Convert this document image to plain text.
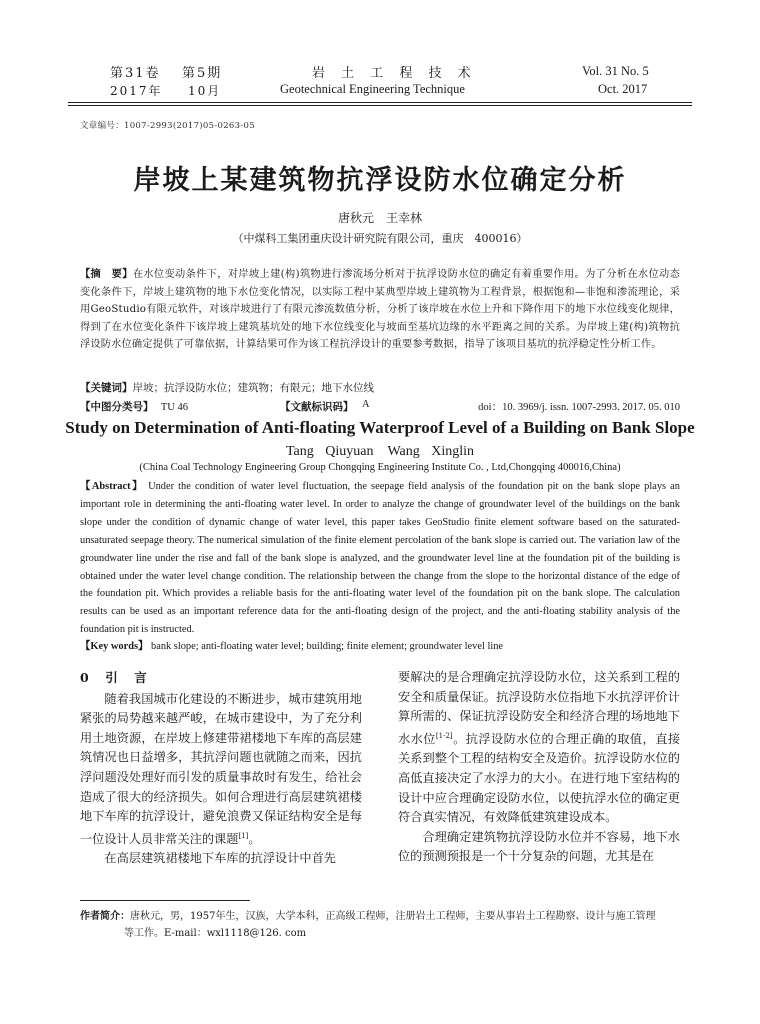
第31卷 第5期
2017年 10月
岩 土 工 程 技 术
Geotechnical Engineering Technique
Vol. 31 No. 5
Oct. 2017
文章编号：1007-2993(2017)05-0263-05
岸坡上某建筑物抗浮设防水位确定分析
唐秋元　王幸林
（中煤科工集团重庆设计研究院有限公司，重庆　400016）
【摘　要】在水位变动条件下，对岸坡上建(构)筑物进行渗流场分析对于抗浮设防水位的确定有着重要作用。为了分析在水位动态变化条件下，岸坡上建筑物的地下水位变化情况，以实际工程中某典型岸坡上建筑物为工程背景，根据饱和—非饱和渗流理论，采用GeoStudio有限元软件，对该岸坡进行了有限元渗流数值分析，分析了该岸坡在水位上升和下降作用下的地下水位线变化规律，得到了在水位变化条件下该岸坡上建筑基坑处的地下水位线变化与坡面至基坑边缘的水平距离之间的关系。为岸坡上建(构)筑物抗浮设防水位确定提供了可靠依据，计算结果可作为该工程抗浮设计的重要参考数据，指导了该项目基坑的抗浮稳定性分析工作。
【关键词】岸坡；抗浮设防水位；建筑物；有限元；地下水位线
【中图分类号】 TU 46	【文献标识码】 A	doi：10. 3969/j. issn. 1007-2993. 2017. 05. 010
Study on Determination of Anti-floating Waterproof Level of a Building on Bank Slope
Tang Qiuyuan　Wang Xinglin
(China Coal Technology Engineering Group Chongqing Engineering Institute Co. , Ltd,Chongqing 400016,China)
【Abstract】 Under the condition of water level fluctuation, the seepage field analysis of the foundation pit on the bank slope plays an important role in determining the anti-floating water level. In order to analyze the change of groundwater level of the buildings on the bank slope under the condition of dynamic change of water level, this paper takes GeoStudio finite element software based on the saturated-unsaturated seepage theory. The numerical simulation of the finite element percolation of the bank slope is carried out. The variation law of the groundwater line under the rise and fall of the bank slope is analyzed, and the groundwater level line at the foundation pit of the building is obtained under the water level change condition. The relationship between the change from the slope to the horizontal distance of the edge of the foundation pit. Which provides a reliable basis for the anti-floating water level of the foundation pit on the bank slope. The calculation results can be used as an important reference data for the anti-floating design of the project, and the anti-floating stability analysis of the foundation pit is instructed.
【Key words】 bank slope; anti-floating water level; building; finite element; groundwater level line
0　引　言
随着我国城市化建设的不断进步，城市建筑用地紧张的局势越来越严峻，在城市建设中，为了充分利用土地资源，在岸坡上修建带裙楼地下车库的高层建筑情况也日益增多，其抗浮问题也就随之而来，因抗浮问题没处理好而引发的质量事故时有发生，给社会造成了很大的经济损失。如何合理进行高层建筑裙楼地下车库的抗浮设计，避免浪费又保证结构安全是每一位设计人员非常关注的课题[1]。
在高层建筑裙楼地下车库的抗浮设计中首先
要解决的是合理确定抗浮设防水位，这关系到工程的安全和质量保证。抗浮设防水位指地下水抗浮评价计算所需的、保证抗浮设防安全和经济合理的场地地下水水位[1-2]。抗浮设防水位的合理正确的取值，直接关系到整个工程的结构安全及造价。抗浮设防水位的高低直接决定了水浮力的大小。在进行地下室结构的设计中应合理确定设防水位，以使抗浮水位的确定更符合真实情况，有效降低建筑建设成本。
合理确定建筑物抗浮设防水位并不容易，地下水位的预测预报是一个十分复杂的问题，尤其是在
作者简介：唐秋元，男，1957年生，汉族，大学本科，正高级工程师，注册岩土工程师，主要从事岩土工程勘察、设计与施工管理
等工作。E-mail：wxl1118@126. com
